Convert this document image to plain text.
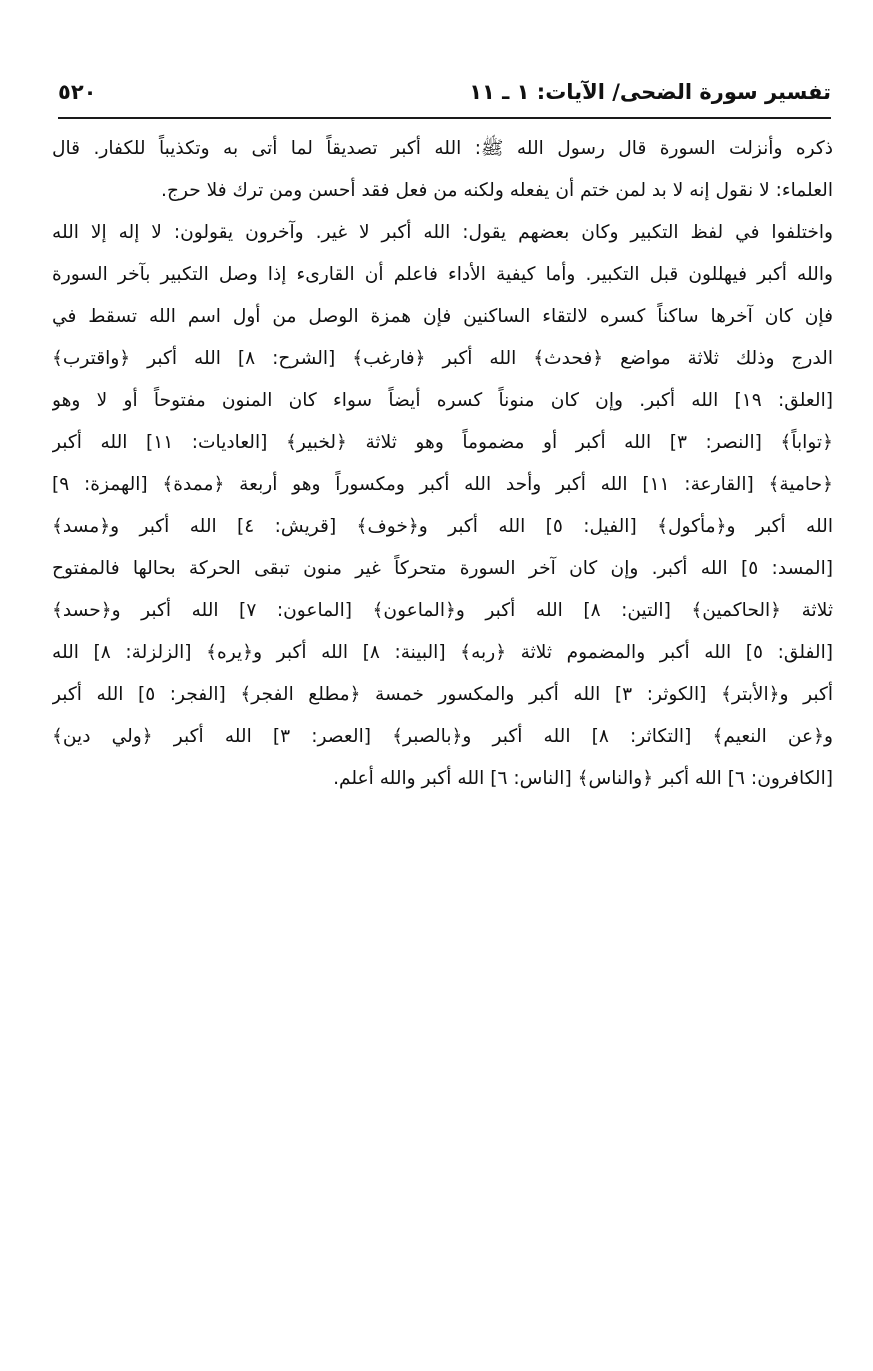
تفسير سورة الضحى/ الآيات: ١ ـ ١١
٥٢٠
ذكره وأنزلت السورة قال رسول الله ﷺ: الله أكبر تصديقاً لما أتى به وتكذيباً للكفار. قال
العلماء: لا نقول إنه لا بد لمن ختم أن يفعله ولكنه من فعل فقد أحسن ومن ترك فلا حرج.
واختلفوا في لفظ التكبير وكان بعضهم يقول: الله أكبر لا غير. وآخرون يقولون: لا إله إلا الله
والله أكبر فيهللون قبل التكبير. وأما كيفية الأداء فاعلم أن القارىء إذا وصل التكبير بآخر السورة
فإن كان آخرها ساكناً كسره لالتقاء الساكنين فإن همزة الوصل من أول اسم الله تسقط في
الدرج وذلك ثلاثة مواضع ﴿فحدث﴾ الله أكبر ﴿فارغب﴾ [الشرح: ٨] الله أكبر ﴿واقترب﴾
[العلق: ١٩] الله أكبر. وإن كان منوناً كسره أيضاً سواء كان المنون مفتوحاً أو لا وهو
﴿تواباً﴾ [النصر: ٣] الله أكبر أو مضموماً وهو ثلاثة ﴿لخبير﴾ [العاديات: ١١] الله أكبر
﴿حامية﴾ [القارعة: ١١] الله أكبر وأحد الله أكبر ومكسوراً وهو أربعة ﴿ممدة﴾ [الهمزة: ٩]
الله أكبر و﴿مأكول﴾ [الفيل: ٥] الله أكبر و﴿خوف﴾ [قريش: ٤] الله أكبر و﴿مسد﴾
[المسد: ٥] الله أكبر. وإن كان آخر السورة متحركاً غير منون تبقى الحركة بحالها فالمفتوح
ثلاثة ﴿الحاكمين﴾ [التين: ٨] الله أكبر و﴿الماعون﴾ [الماعون: ٧] الله أكبر و﴿حسد﴾
[الفلق: ٥] الله أكبر والمضموم ثلاثة ﴿ربه﴾ [البينة: ٨] الله أكبر و﴿يره﴾ [الزلزلة: ٨] الله
أكبر و﴿الأبتر﴾ [الكوثر: ٣] الله أكبر والمكسور خمسة ﴿مطلع الفجر﴾ [الفجر: ٥] الله أكبر
و﴿عن النعيم﴾ [التكاثر: ٨] الله أكبر و﴿بالصبر﴾ [العصر: ٣] الله أكبر ﴿ولي دين﴾
[الكافرون: ٦] الله أكبر ﴿والناس﴾ [الناس: ٦] الله أكبر والله أعلم.
